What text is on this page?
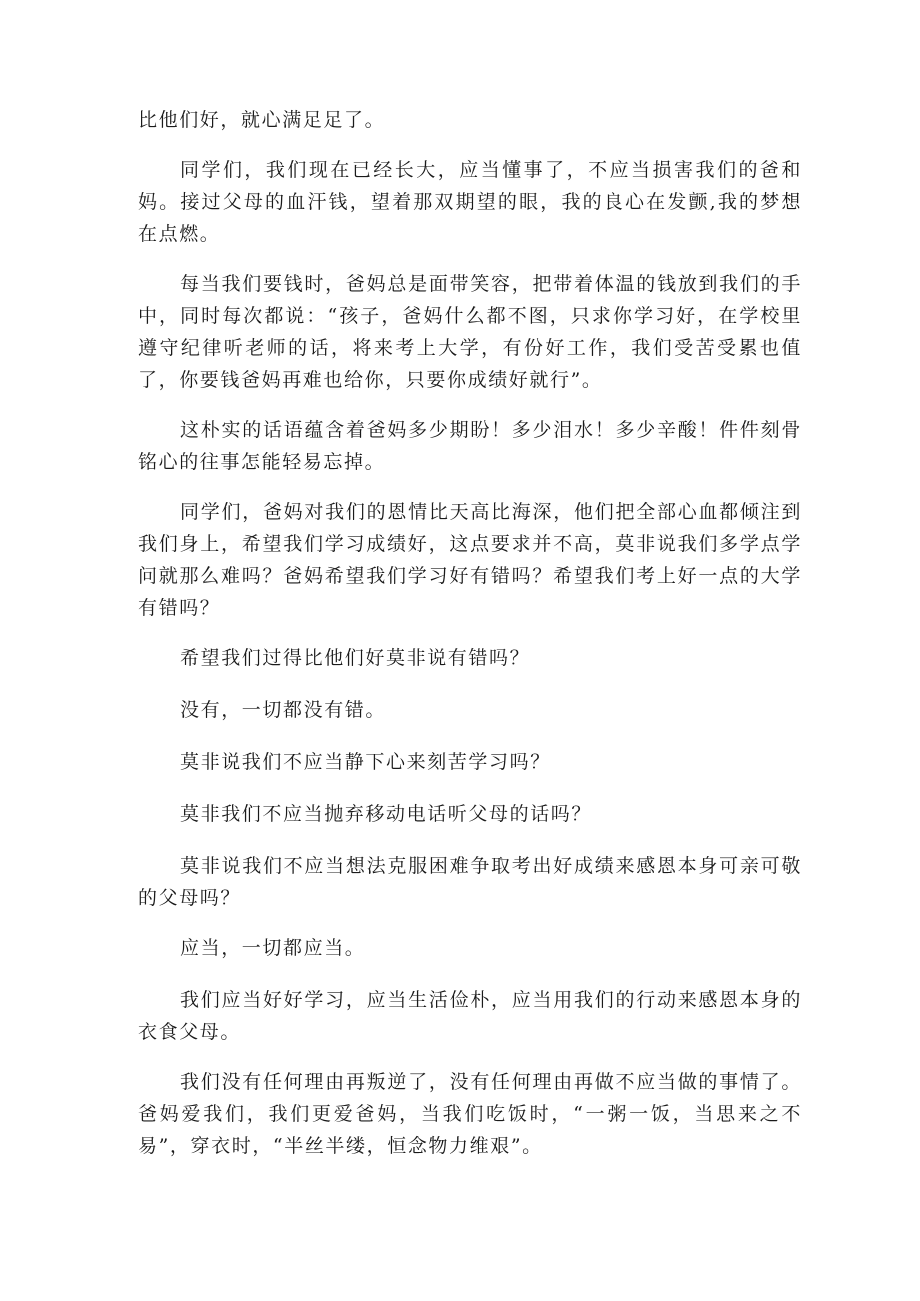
比他们好，就心满足足了。

同学们，我们现在已经长大，应当懂事了，不应当损害我们的爸和妈。接过父母的血汗钱，望着那双期望的眼，我的良心在发颤,我的梦想在点燃。

每当我们要钱时，爸妈总是面带笑容，把带着体温的钱放到我们的手中，同时每次都说：“孩子，爸妈什么都不图，只求你学习好，在学校里遵守纪律听老师的话，将来考上大学，有份好工作，我们受苦受累也值了，你要钱爸妈再难也给你，只要你成绩好就行”。

这朴实的话语蕴含着爸妈多少期盼！多少泪水！多少辛酸！件件刻骨铭心的往事怎能轻易忘掉。

同学们，爸妈对我们的恩情比天高比海深，他们把全部心血都倾注到我们身上，希望我们学习成绩好，这点要求并不高，莫非说我们多学点学问就那么难吗？爸妈希望我们学习好有错吗？希望我们考上好一点的大学有错吗？

希望我们过得比他们好莫非说有错吗？

没有，一切都没有错。

莫非说我们不应当静下心来刻苦学习吗？

莫非我们不应当抛弃移动电话听父母的话吗？

莫非说我们不应当想法克服困难争取考出好成绩来感恩本身可亲可敬的父母吗？

应当，一切都应当。

我们应当好好学习，应当生活俭朴，应当用我们的行动来感恩本身的衣食父母。

我们没有任何理由再叛逆了，没有任何理由再做不应当做的事情了。爸妈爱我们，我们更爱爸妈，当我们吃饭时，“一粥一饭，当思来之不易”，穿衣时，“半丝半缕，恒念物力维艰”。
